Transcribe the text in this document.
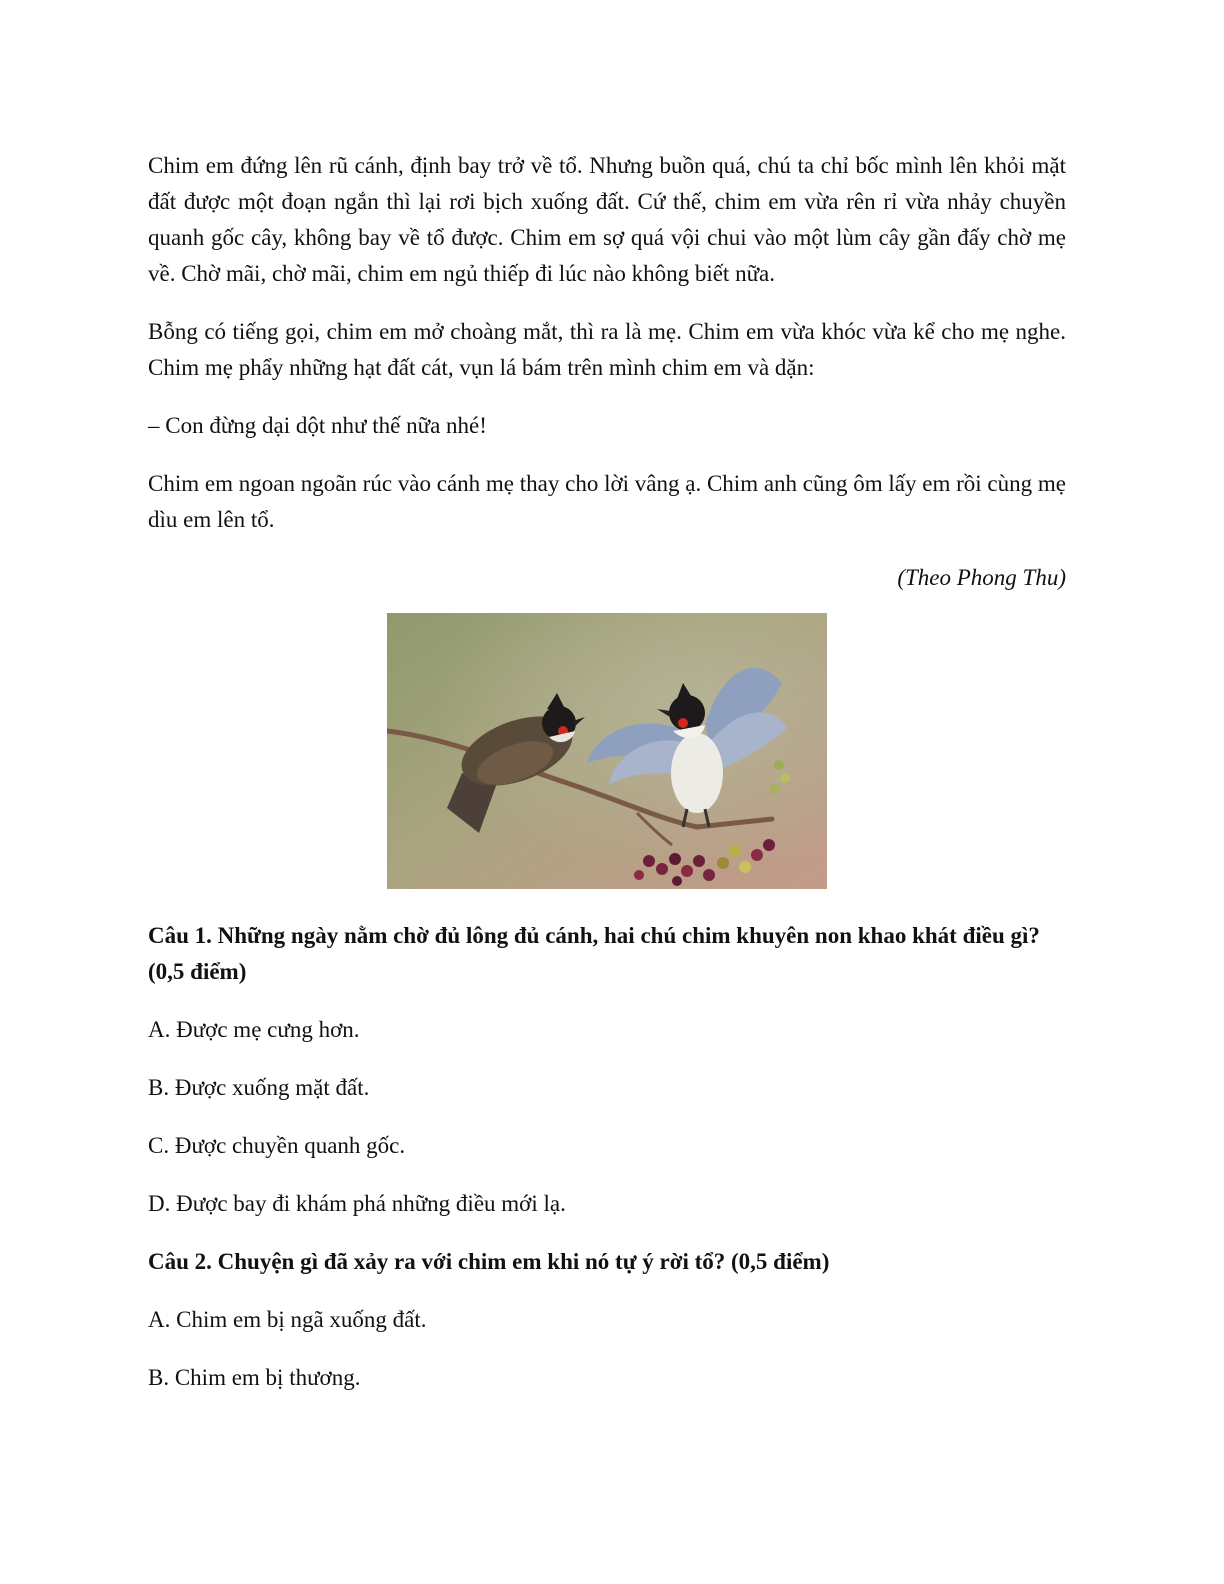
Chim em đứng lên rũ cánh, định bay trở về tổ. Nhưng buồn quá, chú ta chỉ bốc mình lên khỏi mặt đất được một đoạn ngắn thì lại rơi bịch xuống đất. Cứ thế, chim em vừa rên rỉ vừa nhảy chuyền quanh gốc cây, không bay về tổ được. Chim em sợ quá vội chui vào một lùm cây gần đấy chờ mẹ về. Chờ mãi, chờ mãi, chim em ngủ thiếp đi lúc nào không biết nữa.

Bỗng có tiếng gọi, chim em mở choàng mắt, thì ra là mẹ. Chim em vừa khóc vừa kể cho mẹ nghe. Chim mẹ phẩy những hạt đất cát, vụn lá bám trên mình chim em và dặn:

– Con đừng dại dột như thế nữa nhé!

Chim em ngoan ngoãn rúc vào cánh mẹ thay cho lời vâng ạ. Chim anh cũng ôm lấy em rồi cùng mẹ dìu em lên tổ.

(Theo Phong Thu)

Câu 1. Những ngày nằm chờ đủ lông đủ cánh, hai chú chim khuyên non khao khát điều gì? (0,5 điểm)

A. Được mẹ cưng hơn.

B. Được xuống mặt đất.

C. Được chuyền quanh gốc.

D. Được bay đi khám phá những điều mới lạ.

Câu 2. Chuyện gì đã xảy ra với chim em khi nó tự ý rời tổ? (0,5 điểm)

A. Chim em bị ngã xuống đất.

B. Chim em bị thương.
